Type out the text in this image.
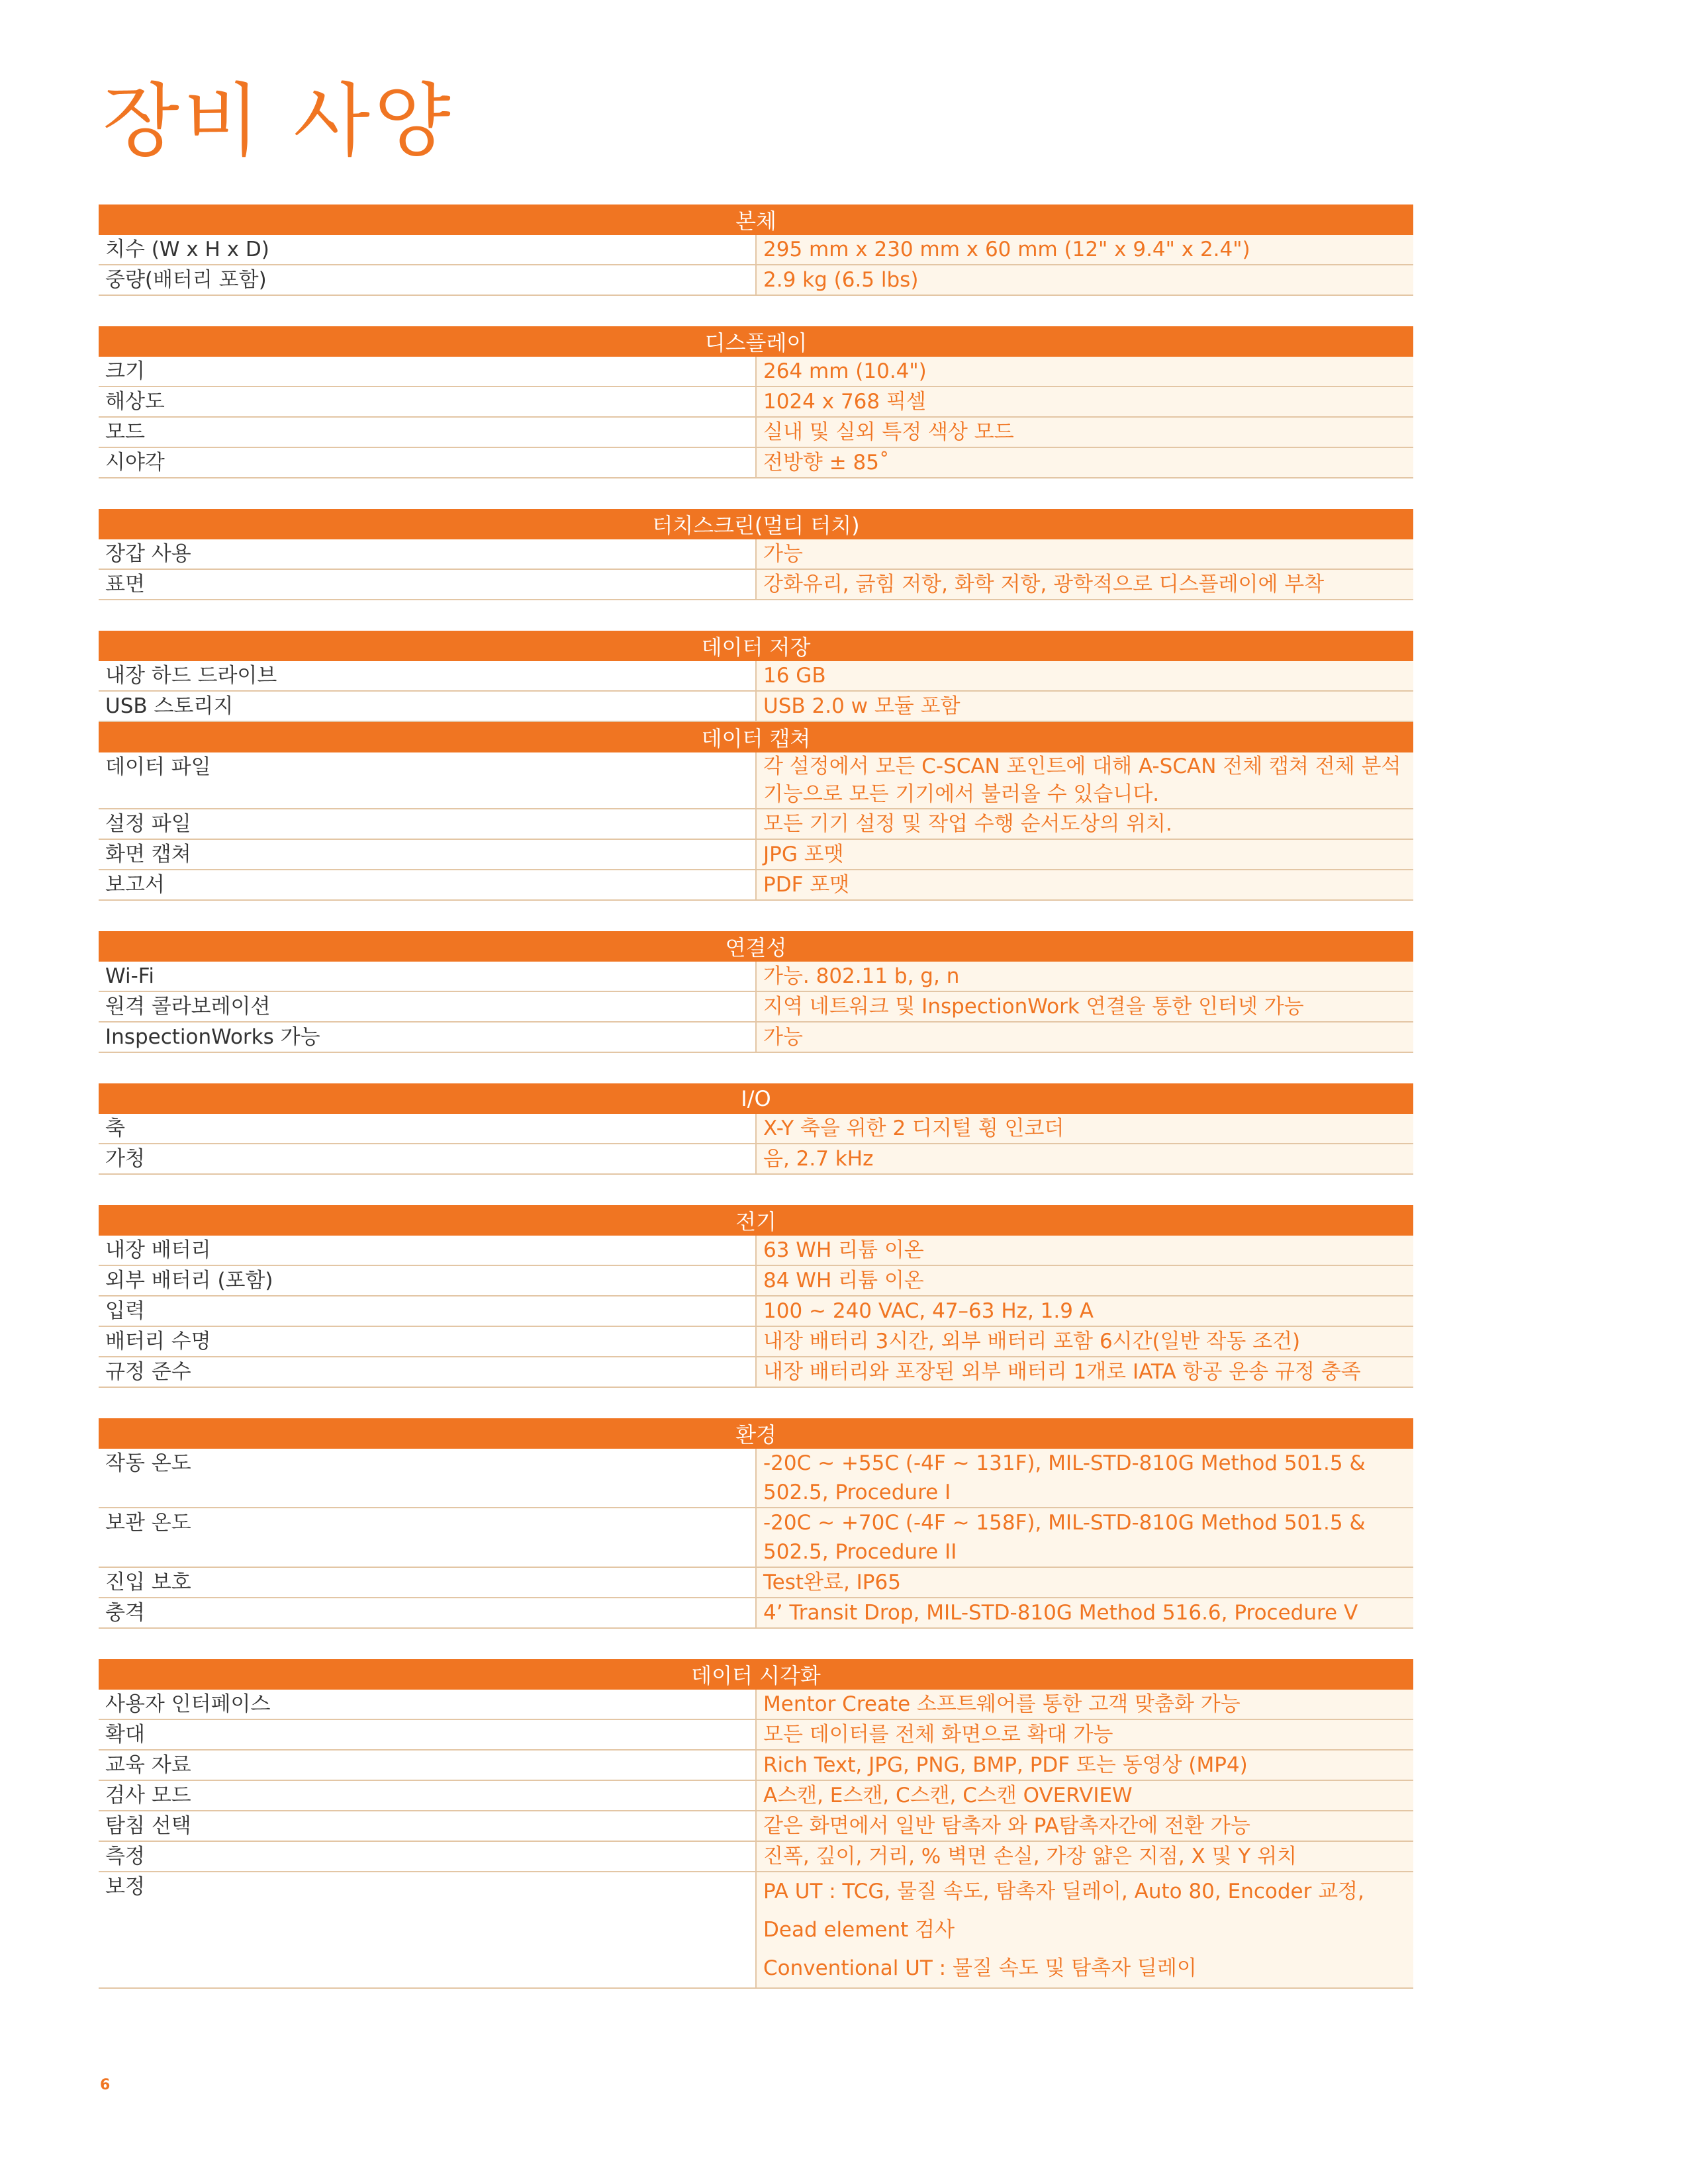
장비 사양
본체	
치수 (W x H x D)	295 mm x 230 mm x 60 mm (12" x 9.4" x 2.4")
중량(배터리 포함)	2.9 kg (6.5 lbs)
디스플레이	
크기	264 mm (10.4")
해상도	1024 x 768 픽셀
모드	실내 및 실외 특정 색상 모드
시야각	전방향 ± 85˚
터치스크린(멀티 터치)	
장갑 사용	가능
표면	강화유리, 긁힘 저항, 화학 저항, 광학적으로 디스플레이에 부착
데이터 저장	
내장 하드 드라이브	16 GB
USB 스토리지	USB 2.0 w 모듈 포함
데이터 캡쳐	
데이터 파일	각 설정에서 모든 C-SCAN 포인트에 대해 A-SCAN 전체 캡쳐 전체 분석 기능으로 모든 기기에서 불러올 수 있습니다.
설정 파일	모든 기기 설정 및 작업 수행 순서도상의 위치.
화면 캡쳐	JPG 포맷
보고서	PDF 포맷
연결성	
Wi-Fi	가능. 802.11 b, g, n
원격 콜라보레이션	지역 네트워크 및 InspectionWork 연결을 통한 인터넷 가능
InspectionWorks 가능	가능
I/O	
축	X-Y 축을 위한 2 디지털 휭 인코더
가청	음, 2.7 kHz
전기	
내장 배터리	63 WH 리튬 이온
외부 배터리 (포함)	84 WH 리튬 이온
입력	100 ~ 240 VAC, 47–63 Hz, 1.9 A
배터리 수명	내장 배터리 3시간, 외부 배터리 포함 6시간(일반 작동 조건)
규정 준수	내장 배터리와 포장된 외부 배터리 1개로 IATA 항공 운송 규정 충족
환경	
작동 온도	-20C ~ +55C (-4F ~ 131F), MIL-STD-810G Method 501.5 & 502.5, Procedure I
보관 온도	-20C ~ +70C (-4F ~ 158F), MIL-STD-810G Method 501.5 & 502.5, Procedure II
진입 보호	Test완료, IP65
충격	4’ Transit Drop, MIL-STD-810G Method 516.6, Procedure V
데이터 시각화	
사용자 인터페이스	Mentor Create 소프트웨어를 통한 고객 맞춤화 가능
확대	모든 데이터를 전체 화면으로 확대 가능
교육 자료	Rich Text, JPG, PNG, BMP, PDF 또는 동영상 (MP4)
검사 모드	A스캔, E스캔, C스캔, C스캔 OVERVIEW
탐침 선택	같은 화면에서 일반 탐촉자 와 PA탐촉자간에 전환 가능
측정	진폭, 깊이, 거리, % 벽면 손실, 가장 얇은 지점, X 및 Y 위치
보정	PA UT : TCG, 물질 속도, 탐촉자 딜레이, Auto 80, Encoder 교정, Dead element 검사
Conventional UT : 물질 속도 및 탐촉자 딜레이
6
